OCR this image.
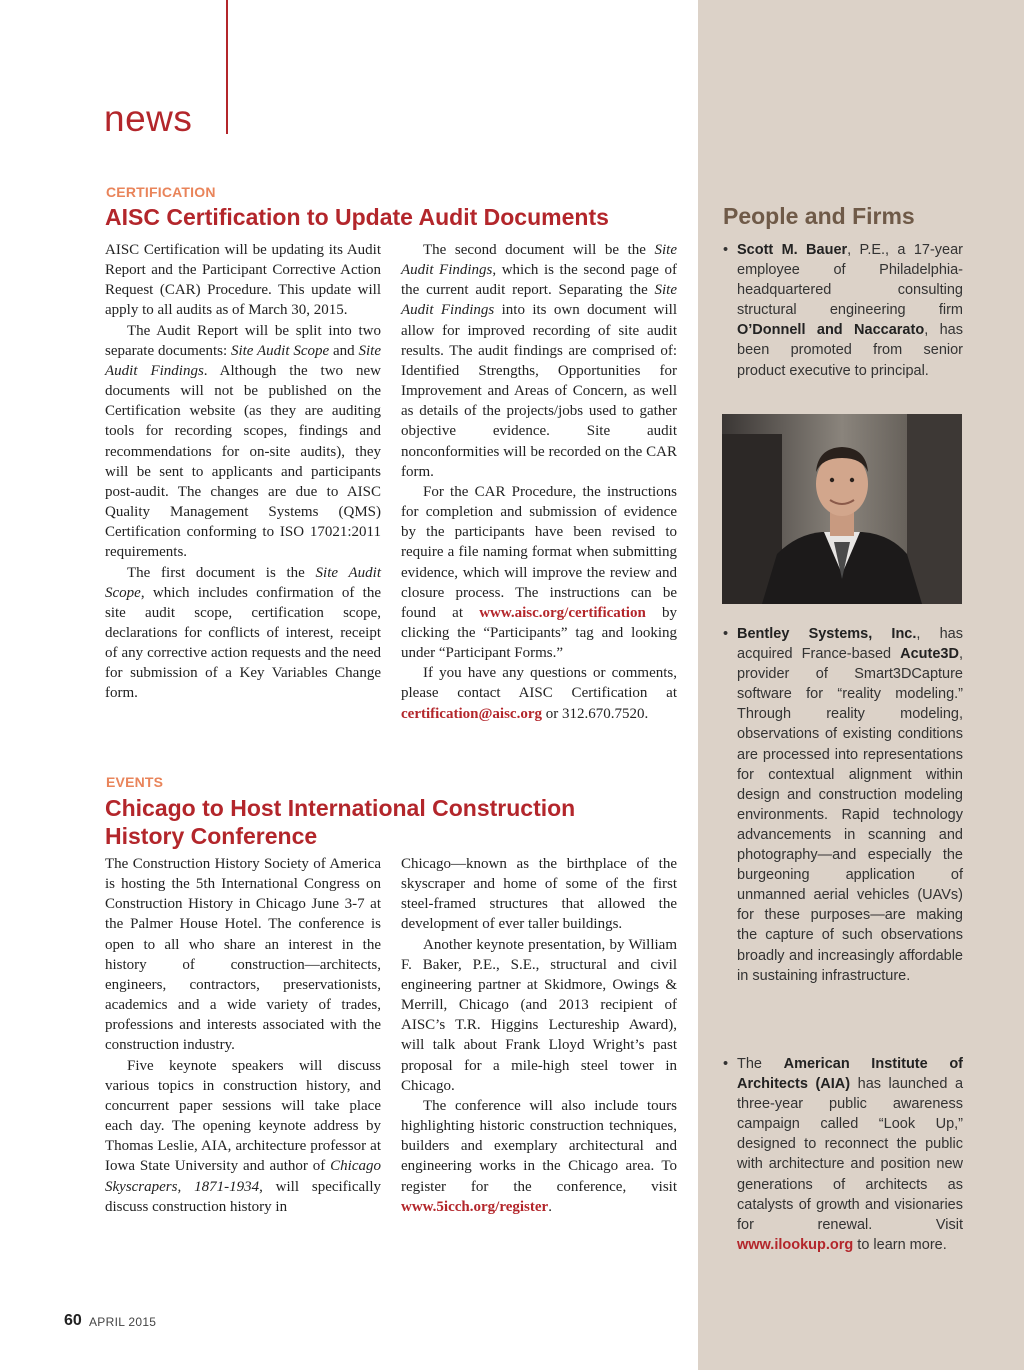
news
CERTIFICATION
AISC Certification to Update Audit Documents

AISC Certification will be updating its Audit Report and the Participant Corrective Action Request (CAR) Procedure. This update will apply to all audits as of March 30, 2015.

The Audit Report will be split into two separate documents: Site Audit Scope and Site Audit Findings. Although the two new documents will not be published on the Certification website (as they are auditing tools for recording scopes, findings and recommendations for on-site audits), they will be sent to applicants and participants post-audit. The changes are due to AISC Quality Management Systems (QMS) Certification conforming to ISO 17021:2011 requirements.

The first document is the Site Audit Scope, which includes confirmation of the site audit scope, certification scope, declarations for conflicts of interest, receipt of any corrective action requests and the need for submission of a Key Variables Change form.

The second document will be the Site Audit Findings, which is the second page of the current audit report. Separating the Site Audit Findings into its own document will allow for improved recording of site audit results. The audit findings are comprised of: Identified Strengths, Opportunities for Improvement and Areas of Concern, as well as details of the projects/jobs used to gather objective evidence. Site audit nonconformities will be recorded on the CAR form.

For the CAR Procedure, the instructions for completion and submission of evidence by the participants have been revised to require a file naming format when submitting evidence, which will improve the review and closure process. The instructions can be found at www.aisc.org/certification by clicking the “Participants” tag and looking under “Participant Forms.”

If you have any questions or comments, please contact AISC Certification at certification@aisc.org or 312.670.7520.

EVENTS
Chicago to Host International Construction
History Conference

The Construction History Society of America is hosting the 5th International Congress on Construction History in Chicago June 3-7 at the Palmer House Hotel. The conference is open to all who share an interest in the history of construction—architects, engineers, contractors, preservationists, academics and a wide variety of trades, professions and interests associated with the construction industry.

Five keynote speakers will discuss various topics in construction history, and concurrent paper sessions will take place each day. The opening keynote address by Thomas Leslie, AIA, architecture professor at Iowa State University and author of Chicago Skyscrapers, 1871-1934, will specifically discuss construction history in

Chicago—known as the birthplace of the skyscraper and home of some of the first steel-framed structures that allowed the development of ever taller buildings.

Another keynote presentation, by William F. Baker, P.E., S.E., structural and civil engineering partner at Skidmore, Owings & Merrill, Chicago (and 2013 recipient of AISC’s T.R. Higgins Lectureship Award), will talk about Frank Lloyd Wright’s past proposal for a mile-high steel tower in Chicago.

The conference will also include tours highlighting historic construction techniques, builders and exemplary architectural and engineering works in the Chicago area. To register for the conference, visit www.5icch.org/register.

People and Firms
• Scott M. Bauer, P.E., a 17-year employee of Philadelphia-headquartered consulting structural engineering firm O’Donnell and Naccarato, has been promoted from senior product executive to principal.

• Bentley Systems, Inc., has acquired France-based Acute3D, provider of Smart3DCapture software for “reality modeling.” Through reality modeling, observations of existing conditions are processed into representations for contextual alignment within design and construction modeling environments. Rapid technology advancements in scanning and photography—and especially the burgeoning application of unmanned aerial vehicles (UAVs) for these purposes—are making the capture of such observations broadly and increasingly affordable in sustaining infrastructure.

• The American Institute of Architects (AIA) has launched a three-year public awareness campaign called “Look Up,” designed to reconnect the public with architecture and position new generations of architects as catalysts of growth and visionaries for renewal. Visit www.ilookup.org to learn more.

60 APRIL 2015
